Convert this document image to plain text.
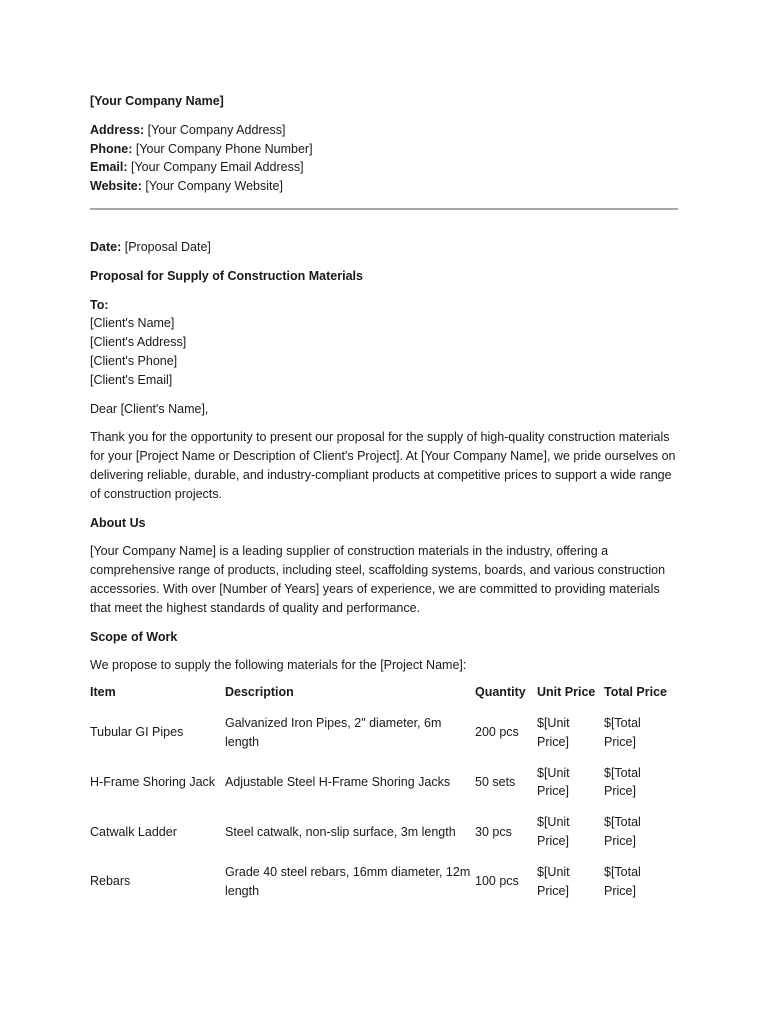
[Your Company Name]

Address: [Your Company Address]

Phone: [Your Company Phone Number]

Email: [Your Company Email Address]

Website: [Your Company Website]

Date: [Proposal Date]

Proposal for Supply of Construction Materials

To:

[Client's Name]

[Client's Address]

[Client's Phone]

[Client's Email]

Dear [Client's Name],

Thank you for the opportunity to present our proposal for the supply of high-quality construction materials for your [Project Name or Description of Client's Project]. At [Your Company Name], we pride ourselves on delivering reliable, durable, and industry-compliant products at competitive prices to support a wide range of construction projects.

About Us

[Your Company Name] is a leading supplier of construction materials in the industry, offering a comprehensive range of products, including steel, scaffolding systems, boards, and various construction accessories. With over [Number of Years] years of experience, we are committed to providing materials that meet the highest standards of quality and performance.

Scope of Work

We propose to supply the following materials for the [Project Name]:

Item	Description	Quantity	Unit Price	Total Price

Tubular GI Pipes	Galvanized Iron Pipes, 2" diameter, 6m length	200 pcs	$[Unit Price]	$[Total Price]

H-Frame Shoring Jack	Adjustable Steel H-Frame Shoring Jacks	50 sets	$[Unit Price]	$[Total Price]

Catwalk Ladder	Steel catwalk, non-slip surface, 3m length	30 pcs	$[Unit Price]	$[Total Price]

Rebars	Grade 40 steel rebars, 16mm diameter, 12m length	100 pcs	$[Unit Price]	$[Total Price]
